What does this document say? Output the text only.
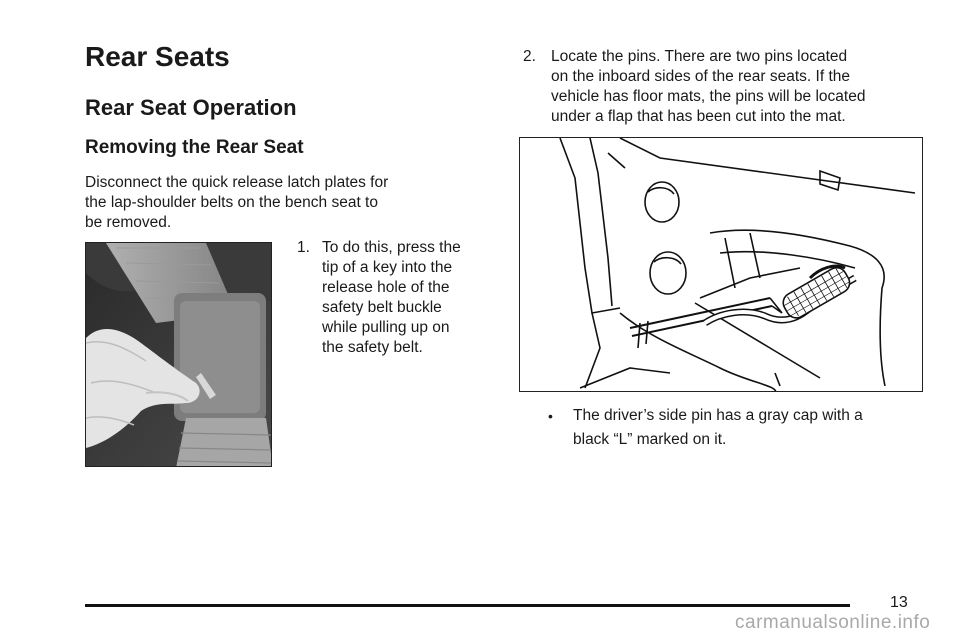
Rear Seats
Rear Seat Operation
Removing the Rear Seat

Disconnect the quick release latch plates for
the lap-shoulder belts on the bench seat to
be removed.

1. To do this, press the
tip of a key into the
release hole of the
safety belt buckle
while pulling up on
the safety belt.
2. Locate the pins. There are two pins located
on the inboard sides of the rear seats. If the
vehicle has floor mats, the pins will be located
under a flap that has been cut into the mat.
• The driver’s side pin has a gray cap with a
black “L” marked on it.
13
carmanualsonline.info
